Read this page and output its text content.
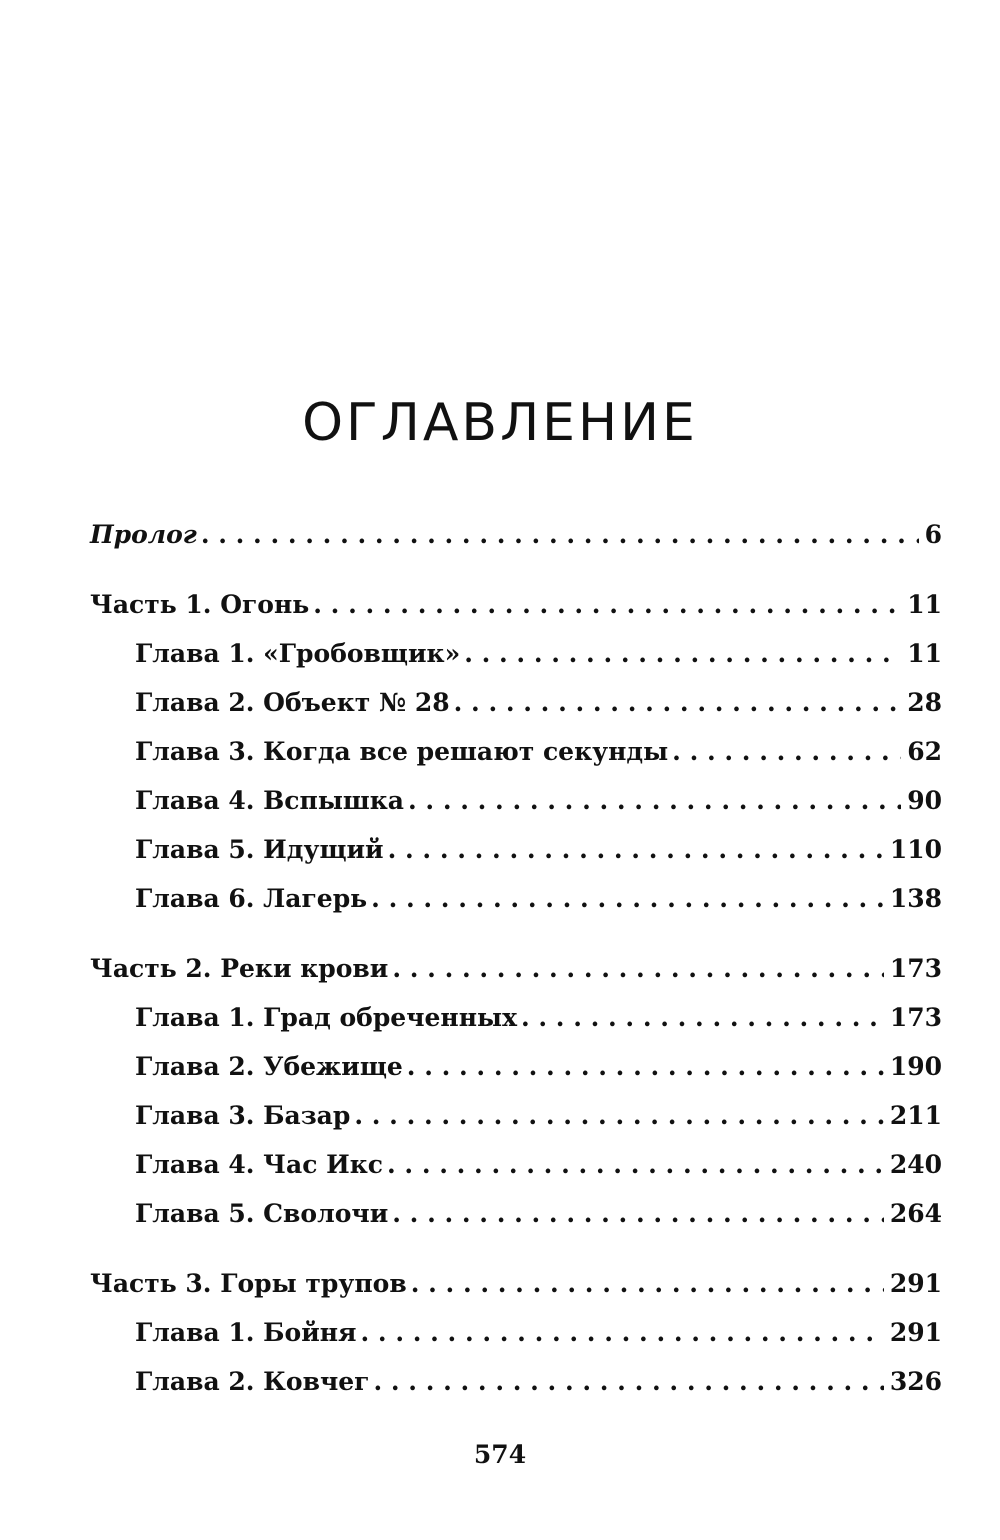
ОГЛАВЛЕНИЕ
Пролог . . .	6
Часть 1. Огонь . . .	11
Глава 1. «Гробовщик» . . .	11
Глава 2. Объект № 28 . . .	28
Глава 3. Когда все решают секунды . . .	62
Глава 4. Вспышка . . .	90
Глава 5. Идущий . . .	110
Глава 6. Лагерь . . .	138
Часть 2. Реки крови . . .	173
Глава 1. Град обреченных . . .	173
Глава 2. Убежище . . .	190
Глава 3. Базар . . .	211
Глава 4. Час Икс . . .	240
Глава 5. Сволочи . . .	264
Часть 3. Горы трупов . . .	291
Глава 1. Бойня . . .	291
Глава 2. Ковчег . . .	326
574
